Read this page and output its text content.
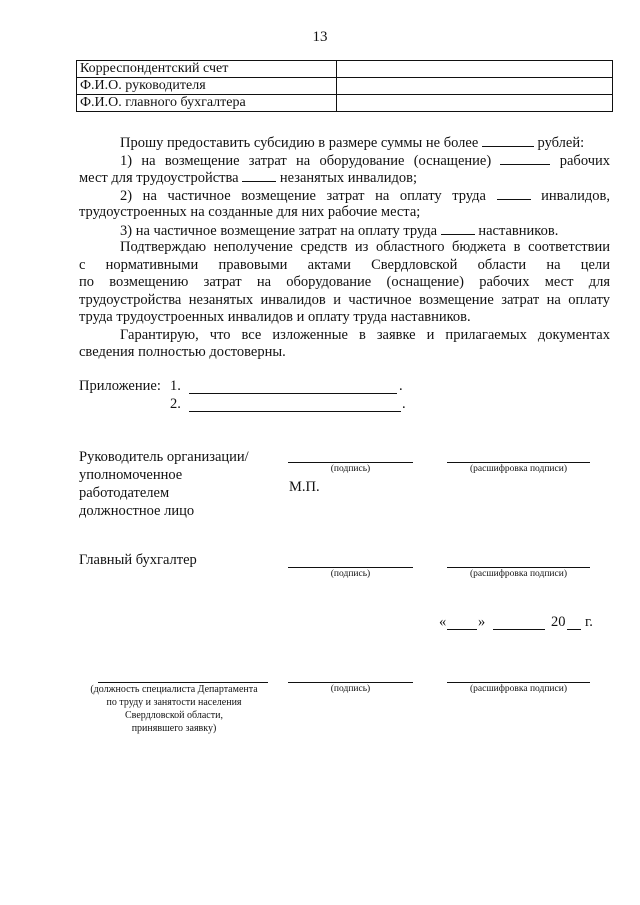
13
Корреспондентский счет	
Ф.И.О. руководителя	
Ф.И.О. главного бухгалтера	
Прошу предоставить субсидию в размере суммы не более	рублей:
1) на возмещение затрат на оборудование (оснащение)	рабочих
мест для трудоустройства	незанятых инвалидов;
2) на частичное возмещение затрат на оплату труда	инвалидов,
трудоустроенных на созданные для них рабочие места;
3) на частичное возмещение затрат на оплату труда	наставников.
Подтверждаю неполучение средств из областного бюджета в соответствии
с нормативными правовыми актами Свердловской области на цели
по возмещению затрат на оборудование (оснащение) рабочих мест для
трудоустройства незанятых инвалидов и частичное возмещение затрат на оплату
труда трудоустроенных инвалидов и оплату труда наставников.
Гарантирую, что все изложенные в заявке и прилагаемых документах
сведения полностью достоверны.
Приложение: 1.	.
2.	.
Руководитель организации/
уполномоченное
работодателем
должностное лицо
(подпись)	(расшифровка подписи)
М.П.
Главный бухгалтер
(подпись)	(расшифровка подписи)
« »	20 г.
(должность специалиста Департамента
по труду и занятости населения
Свердловской области,
принявшего заявку)
(подпись)	(расшифровка подписи)
